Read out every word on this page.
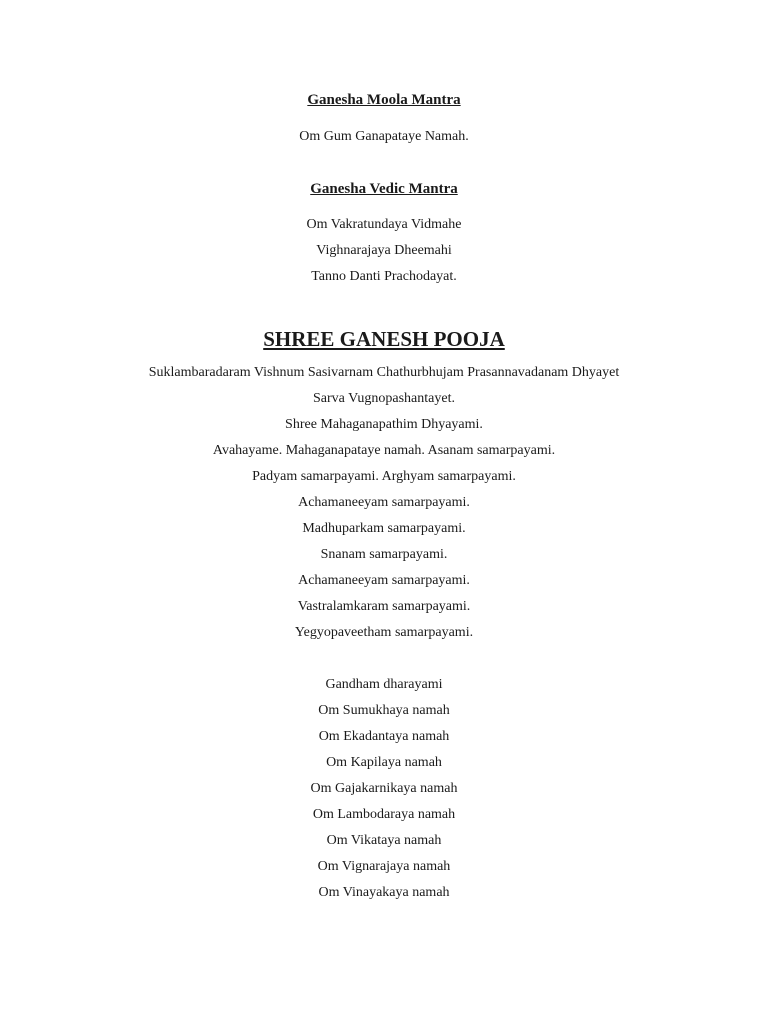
Ganesha Moola Mantra
Om Gum Ganapataye Namah.
Ganesha Vedic Mantra
Om Vakratundaya Vidmahe
Vighnarajaya Dheemahi
Tanno Danti Prachodayat.
SHREE GANESH POOJA
Suklambaradaram Vishnum Sasivarnam Chathurbhujam Prasannavadanam Dhyayet
Sarva Vugnopashantayet.
Shree Mahaganapathim Dhyayami.
Avahayame. Mahaganapataye namah. Asanam samarpayami.
Padyam samarpayami. Arghyam samarpayami.
Achamaneeyam samarpayami.
Madhuparkam samarpayami.
Snanam samarpayami.
Achamaneeyam samarpayami.
Vastralamkaram samarpayami.
Yegyopaveetham samarpayami.
Gandham dharayami
Om Sumukhaya namah
Om Ekadantaya namah
Om Kapilaya namah
Om Gajakarnikaya namah
Om Lambodaraya namah
Om Vikataya namah
Om Vignarajaya namah
Om Vinayakaya namah
